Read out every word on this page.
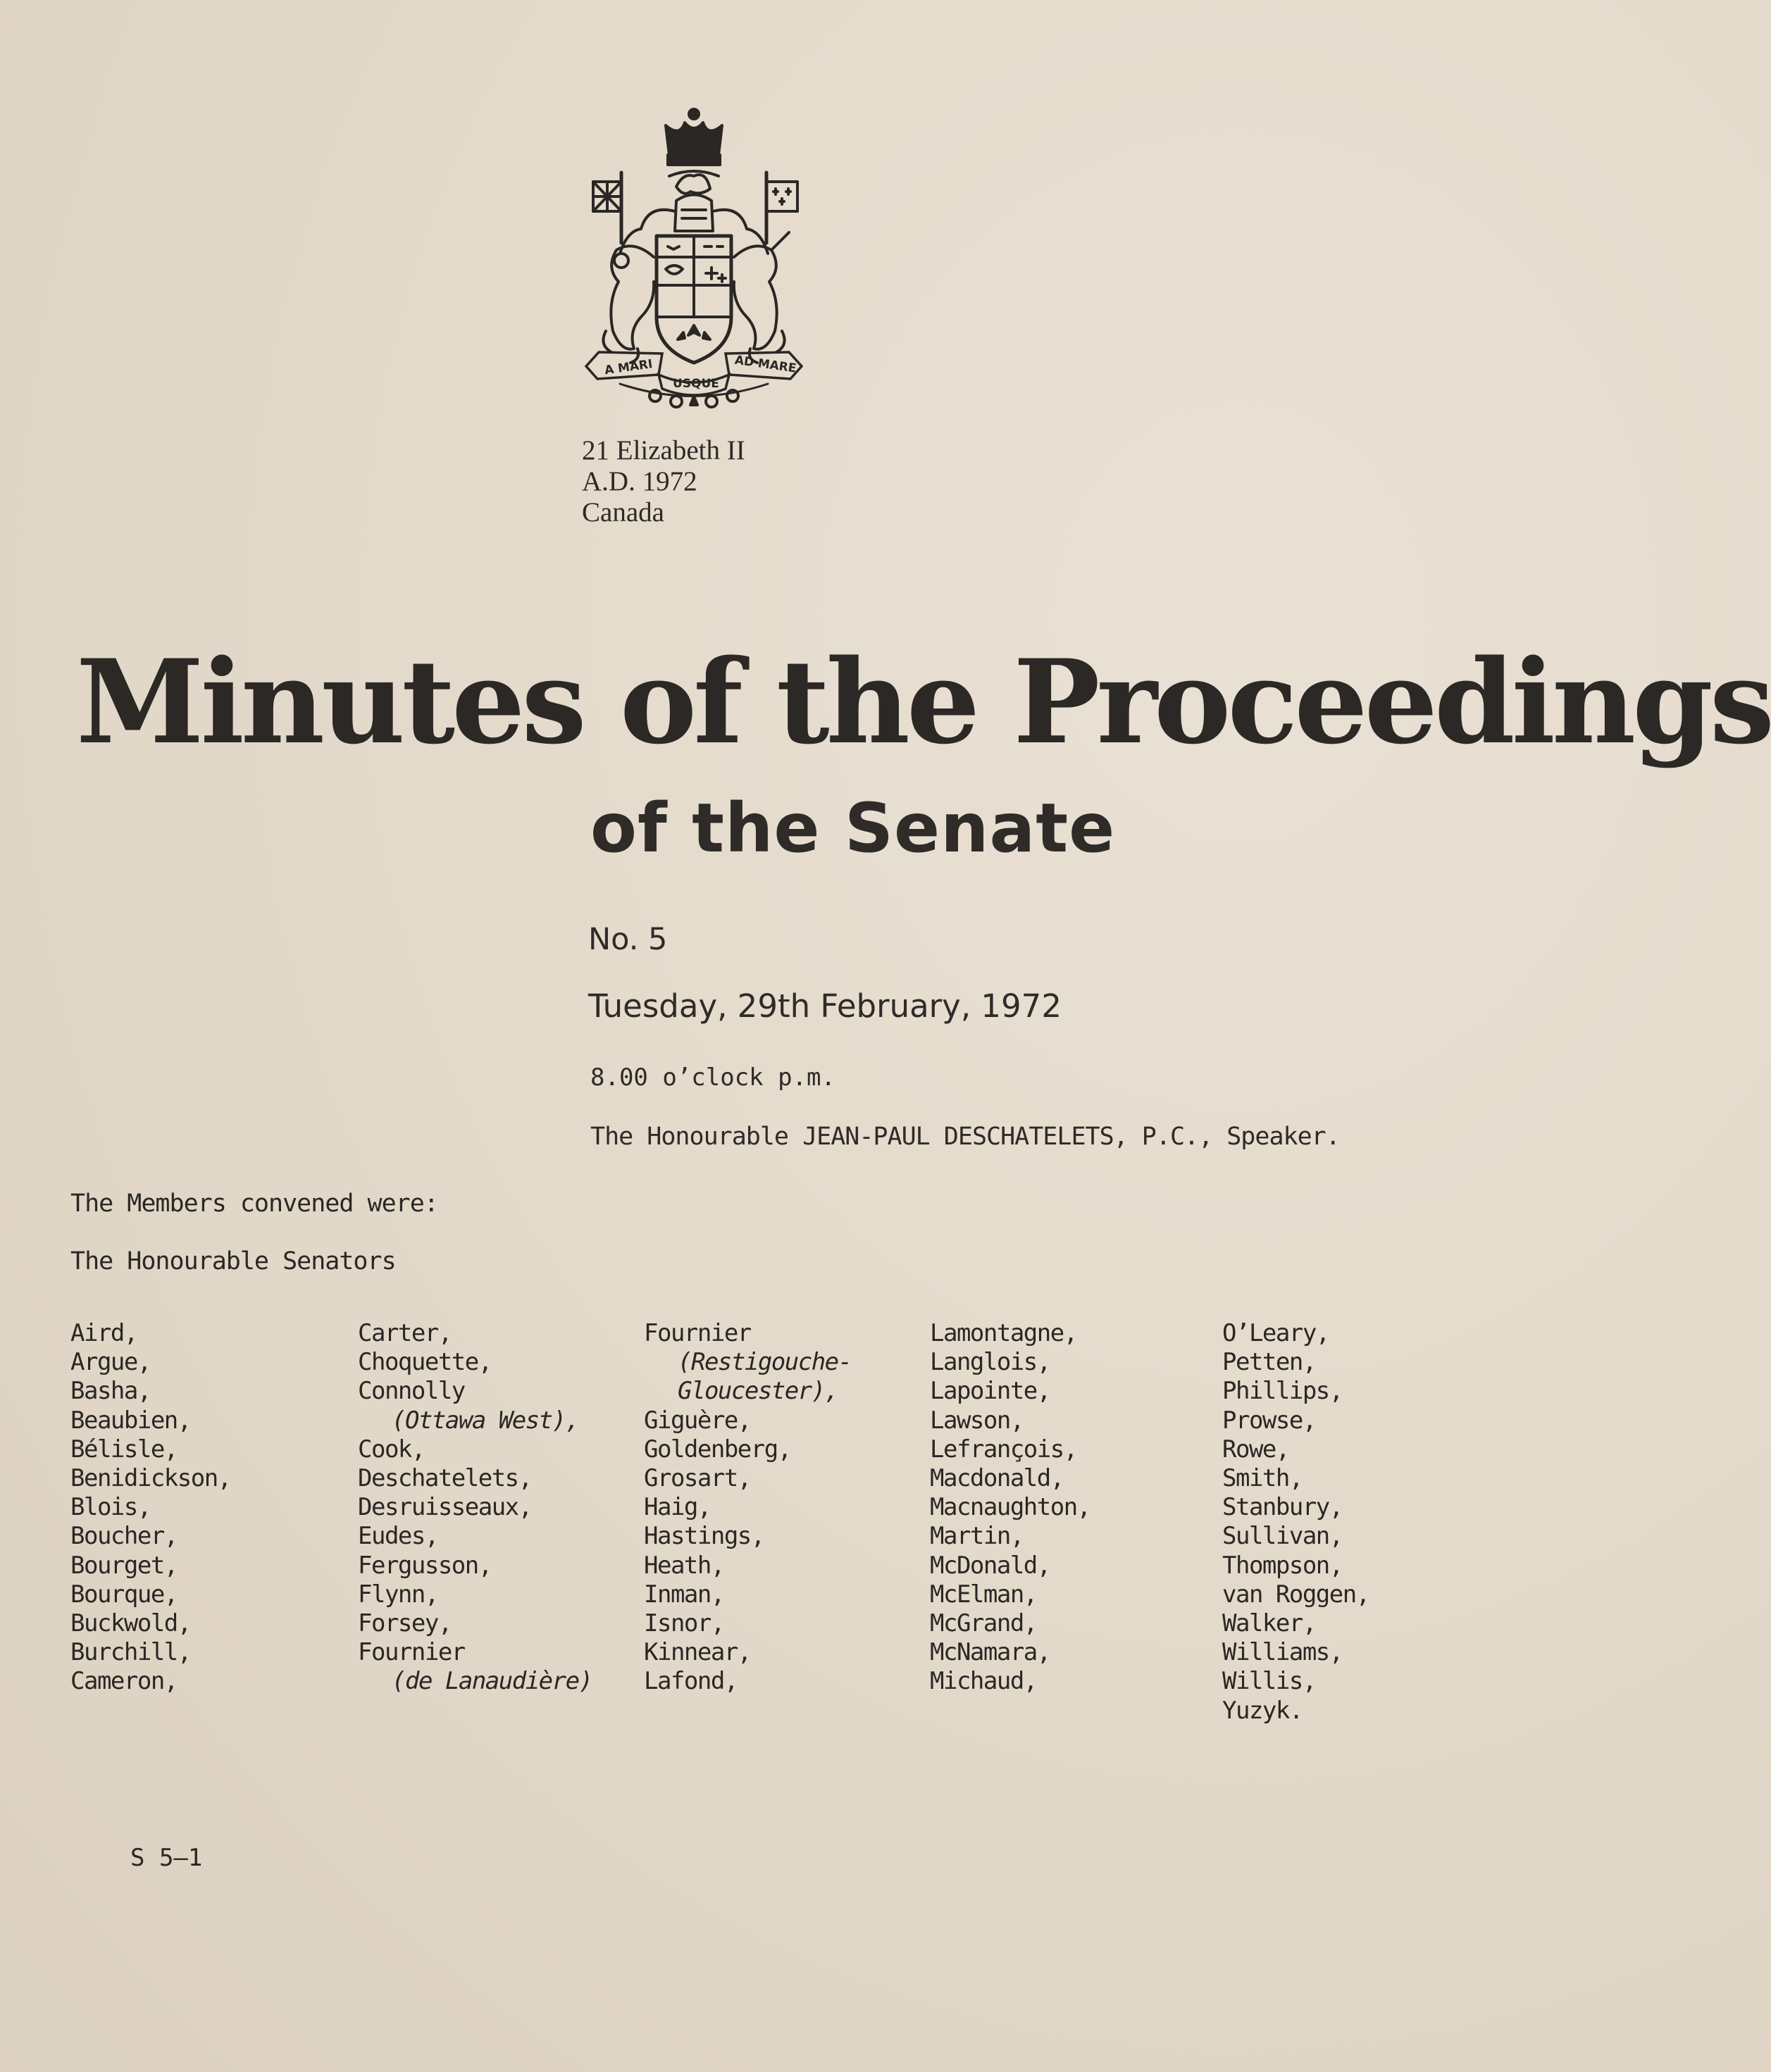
A MARI
USQUE
AD MARE
21 Elizabeth II
A.D. 1972
Canada
Minutes of the Proceedings
of the Senate
No. 5
Tuesday, 29th February, 1972
8.00 o’clock p.m.
The Honourable JEAN-PAUL DESCHATELETS, P.C., Speaker.
The Members convened were:
The Honourable Senators
Aird,
Argue,
Basha,
Beaubien,
Bélisle,
Benidickson,
Blois,
Boucher,
Bourget,
Bourque,
Buckwold,
Burchill,
Cameron,
Carter,
Choquette,
Connolly
(Ottawa West),
Cook,
Deschatelets,
Desruisseaux,
Eudes,
Fergusson,
Flynn,
Forsey,
Fournier
(de Lanaudière)
Fournier
(Restigouche-
Gloucester),
Giguère,
Goldenberg,
Grosart,
Haig,
Hastings,
Heath,
Inman,
Isnor,
Kinnear,
Lafond,
Lamontagne,
Langlois,
Lapointe,
Lawson,
Lefrançois,
Macdonald,
Macnaughton,
Martin,
McDonald,
McElman,
McGrand,
McNamara,
Michaud,
O’Leary,
Petten,
Phillips,
Prowse,
Rowe,
Smith,
Stanbury,
Sullivan,
Thompson,
van Roggen,
Walker,
Williams,
Willis,
Yuzyk.
S 5—1
